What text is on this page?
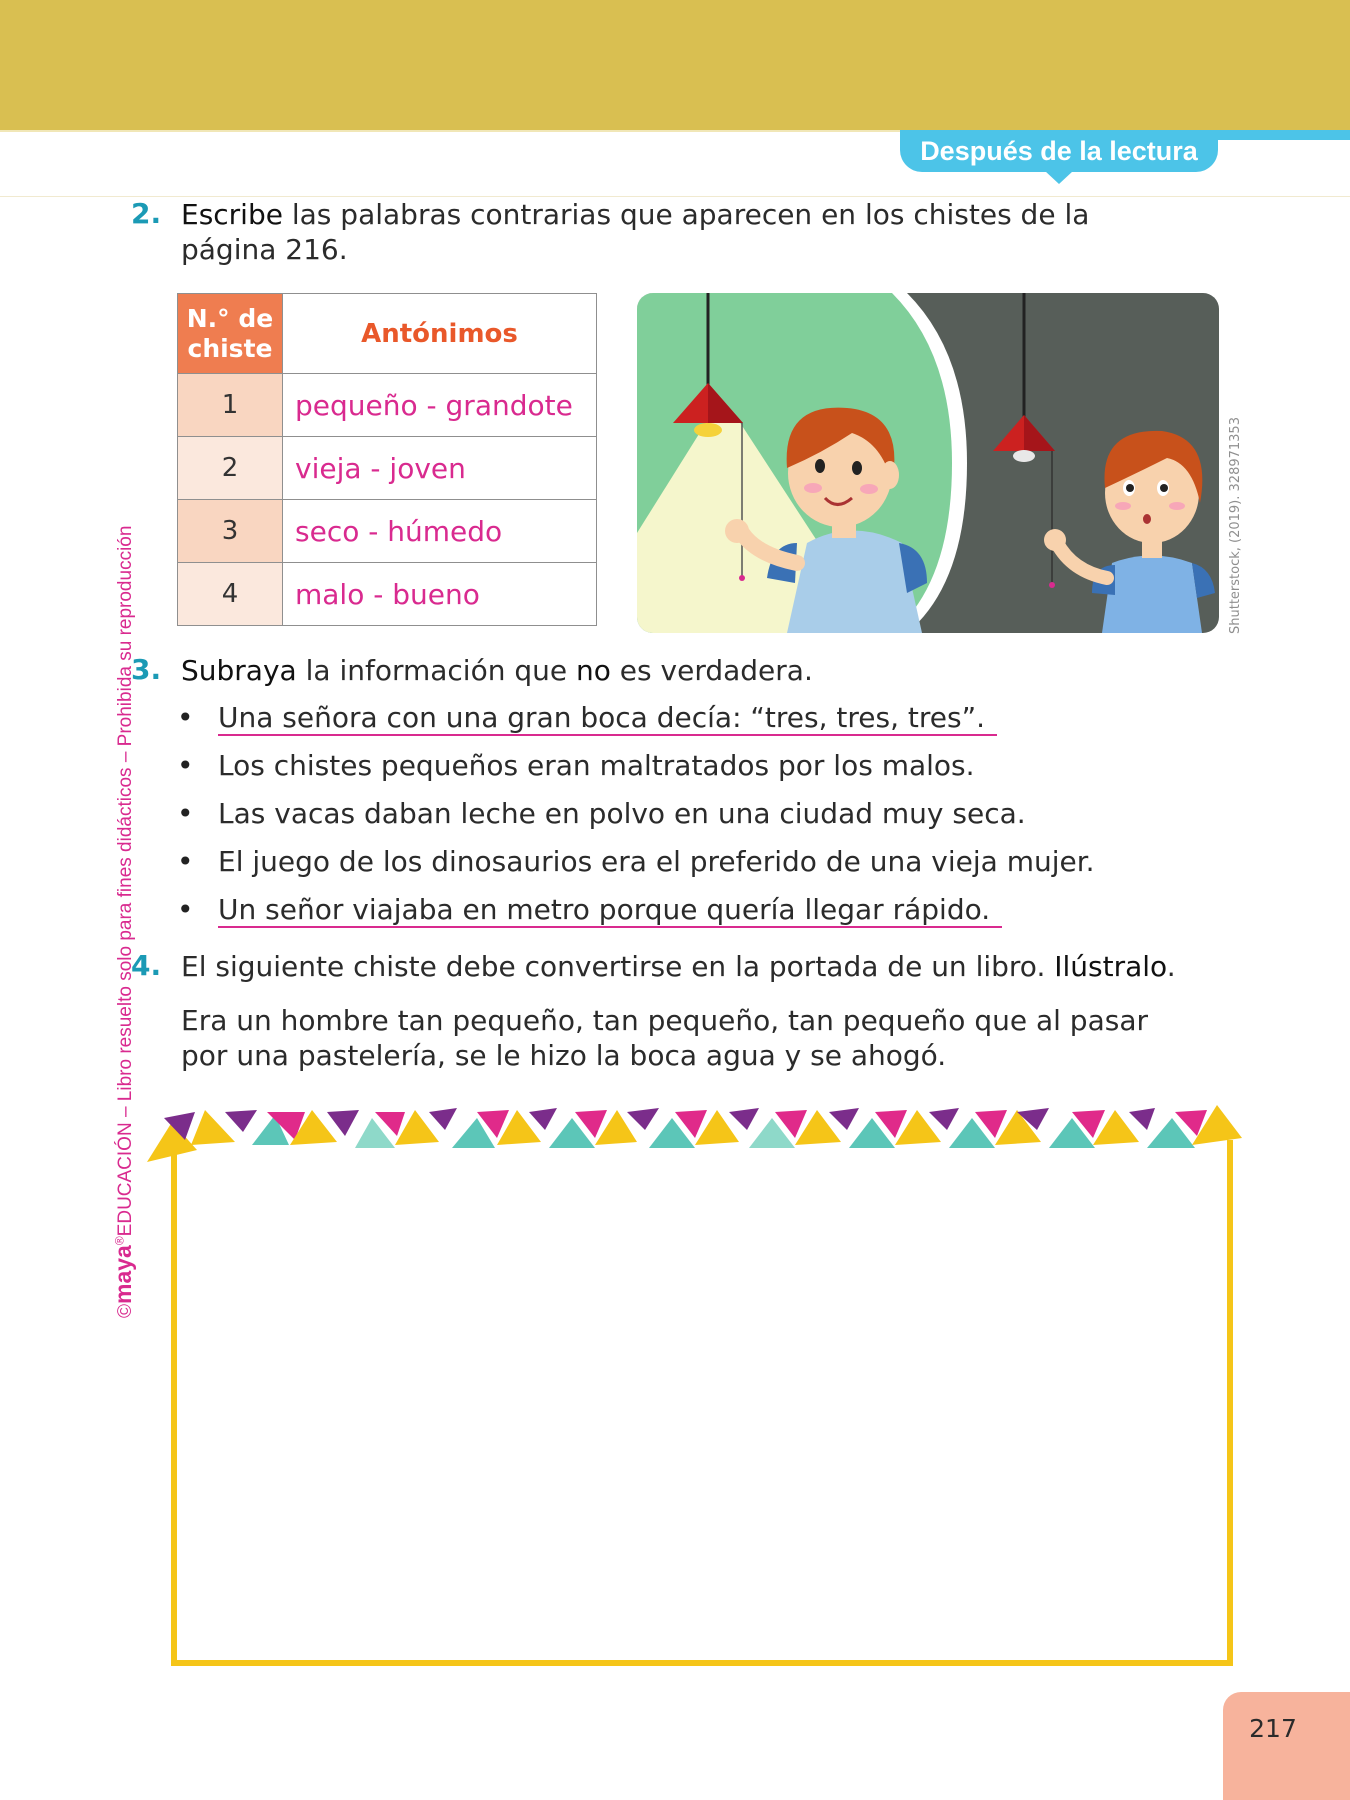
Después de la lectura
©maya®EDUCACIÓN – Libro resuelto solo para fines didácticos – Prohibida su reproducción
2. Escribe las palabras contrarias que aparecen en los chistes de la
página 216.
N.° de
chiste	Antónimos
1	pequeño - grandote
2	vieja - joven
3	seco - húmedo
4	malo - bueno	Shutterstock, (2019). 328971353
3. Subraya la información que no es verdadera.
• Una señora con una gran boca decía: “tres, tres, tres”.
• Los chistes pequeños eran maltratados por los malos.
• Las vacas daban leche en polvo en una ciudad muy seca.
• El juego de los dinosaurios era el preferido de una vieja mujer.
• Un señor viajaba en metro porque quería llegar rápido.
4. El siguiente chiste debe convertirse en la portada de un libro. Ilústralo.
Era un hombre tan pequeño, tan pequeño, tan pequeño que al pasar
por una pastelería, se le hizo la boca agua y se ahogó.
217
